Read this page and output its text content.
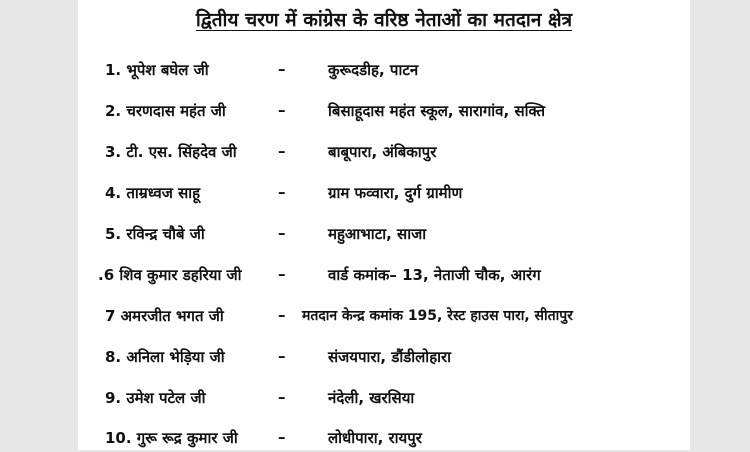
द्वितीय चरण में कांग्रेस के वरिष्ठ नेताओं का मतदान क्षेत्र
1. भूपेश बघेल जी	–	कुरूदडीह, पाटन
2. चरणदास महंत जी	–	बिसाहूदास महंत स्कूल, सारागांव, सक्ति
3. टी. एस. सिंहदेव जी	–	बाबूपारा, अंबिकापुर
4. ताम्रध्वज साहू	–	ग्राम फव्वारा, दुर्ग ग्रामीण
5. रविन्द्र चौबे जी	–	महुआभाटा, साजा
.6 शिव कुमार डहरिया जी –	वार्ड कमांक– 13, नेताजी चौक, आरंग
7 अमरजीत भगत जी	– मतदान केन्द्र कमांक 195, रेस्ट हाउस पारा, सीतापुर
8. अनिला भेड़िया जी	–	संजयपारा, डौंडीलोहारा
9. उमेश पटेल जी	–	नंदेली, खरसिया
10. गुरू रूद्र कुमार जी	–	लोधीपारा, रायपुर
